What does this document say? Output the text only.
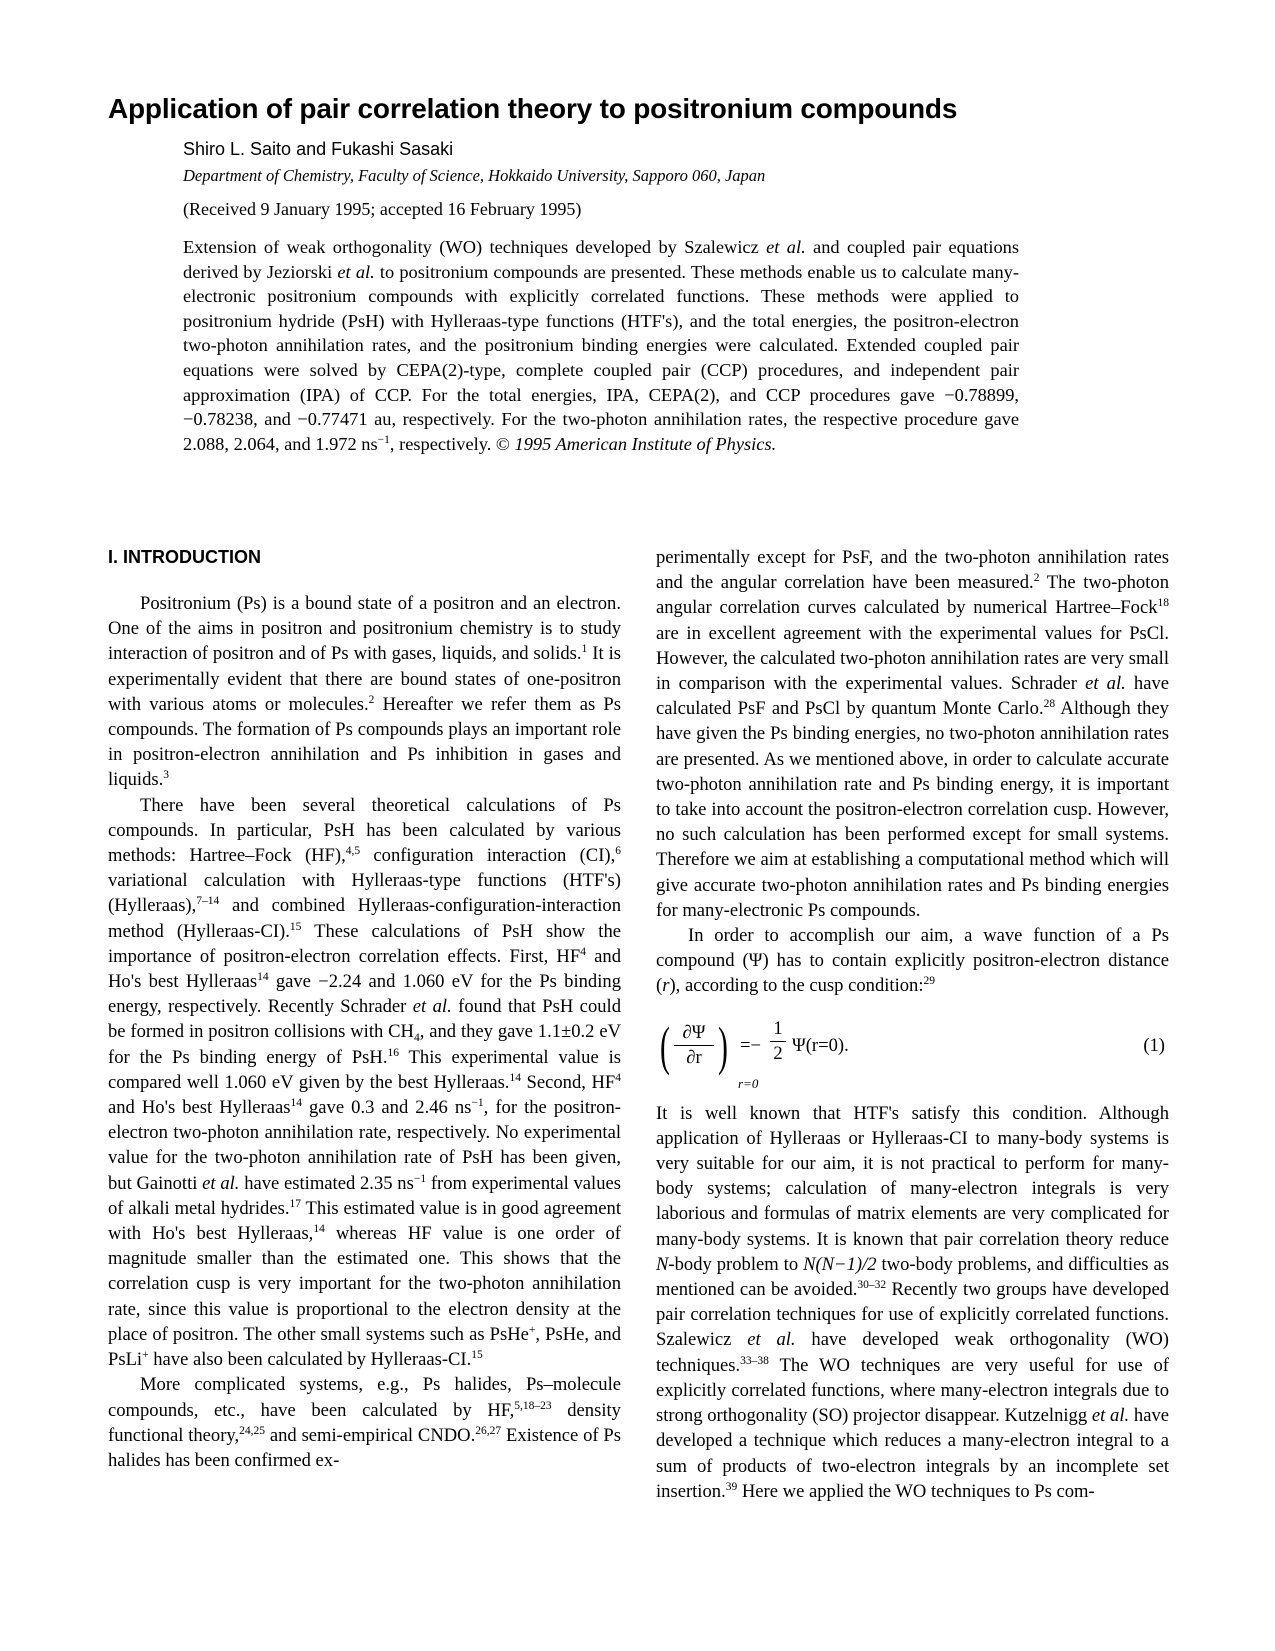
Application of pair correlation theory to positronium compounds

Shiro L. Saito and Fukashi Sasaki

Department of Chemistry, Faculty of Science, Hokkaido University, Sapporo 060, Japan

(Received 9 January 1995; accepted 16 February 1995)

Extension of weak orthogonality (WO) techniques developed by Szalewicz et al. and coupled pair equations derived by Jeziorski et al. to positronium compounds are presented. These methods enable us to calculate many-electronic positronium compounds with explicitly correlated functions. These methods were applied to positronium hydride (PsH) with Hylleraas-type functions (HTF's), and the total energies, the positron-electron two-photon annihilation rates, and the positronium binding energies were calculated. Extended coupled pair equations were solved by CEPA(2)-type, complete coupled pair (CCP) procedures, and independent pair approximation (IPA) of CCP. For the total energies, IPA, CEPA(2), and CCP procedures gave −0.78899, −0.78238, and −0.77471 au, respectively. For the two-photon annihilation rates, the respective procedure gave 2.088, 2.064, and 1.972 $ns^{-1}$, respectively. © 1995 American Institute of Physics.

I. INTRODUCTION

Positronium (Ps) is a bound state of a positron and an electron. One of the aims in positron and positronium chemistry is to study interaction of positron and of Ps with gases, liquids, and solids.$^1$ It is experimentally evident that there are bound states of one-positron with various atoms or molecules.$^2$ Hereafter we refer them as Ps compounds. The formation of Ps compounds plays an important role in positron-electron annihilation and Ps inhibition in gases and liquids.$^3$

There have been several theoretical calculations of Ps compounds. In particular, PsH has been calculated by various methods: Hartree–Fock (HF),$^{4,5}$ configuration interaction (CI),$^6$ variational calculation with Hylleraas-type functions (HTF's) (Hylleraas),$^{7-14}$ and combined Hylleraas-configuration-interaction method (Hylleraas-CI).$^{15}$ These calculations of PsH show the importance of positron-electron correlation effects. First, $HF^4$ and Ho's best Hylleraas$^{14}$ gave −2.24 and 1.060 eV for the Ps binding energy, respectively. Recently Schrader et al. found that PsH could be formed in positron collisions with $CH_4$, and they gave 1.1±0.2 eV for the Ps binding energy of PsH.$^{16}$ This experimental value is compared well 1.060 eV given by the best Hylleraas.$^{14}$ Second, $HF^4$ and Ho's best Hylleraas$^{14}$ gave 0.3 and 2.46 $ns^{-1}$, for the positron-electron two-photon annihilation rate, respectively. No experimental value for the two-photon annihilation rate of PsH has been given, but Gainotti et al. have estimated 2.35 $ns^{-1}$ from experimental values of alkali metal hydrides.$^{17}$ This estimated value is in good agreement with Ho's best Hylleraas,$^{14}$ whereas HF value is one order of magnitude smaller than the estimated one. This shows that the correlation cusp is very important for the two-photon annihilation rate, since this value is proportional to the electron density at the place of positron. The other small systems such as PsHe+, PsHe, and PsLi+ have also been calculated by Hylleraas-CI.$^{15}$

More complicated systems, e.g., Ps halides, Ps–molecule compounds, etc., have been calculated by HF,$^{5,18-23}$ density functional theory,$^{24,25}$ and semi-empirical CNDO.$^{26,27}$ Existence of Ps halides has been confirmed ex-

perimentally except for PsF, and the two-photon annihilation rates and the angular correlation have been measured.$^2$ The two-photon angular correlation curves calculated by numerical Hartree–Fock$^{18}$ are in excellent agreement with the experimental values for PsCl. However, the calculated two-photon annihilation rates are very small in comparison with the experimental values. Schrader et al. have calculated PsF and PsCl by quantum Monte Carlo.$^{28}$ Although they have given the Ps binding energies, no two-photon annihilation rates are presented. As we mentioned above, in order to calculate accurate two-photon annihilation rate and Ps binding energy, it is important to take into account the positron-electron correlation cusp. However, no such calculation has been performed except for small systems. Therefore we aim at establishing a computational method which will give accurate two-photon annihilation rates and Ps binding energies for many-electronic Ps compounds.

In order to accomplish our aim, a wave function of a Ps compound (Ψ) has to contain explicitly positron-electron distance (r), according to the cusp condition:$^{29}$

( ∂Ψ
∂r )
r=0
=−
1
2 Ψ(r=0).	(1)

It is well known that HTF's satisfy this condition. Although application of Hylleraas or Hylleraas-CI to many-body systems is very suitable for our aim, it is not practical to perform for many-body systems; calculation of many-electron integrals is very laborious and formulas of matrix elements are very complicated for many-body systems. It is known that pair correlation theory reduce N-body problem to N(N−1)/2 two-body problems, and difficulties as mentioned can be avoided.$^{30-32}$ Recently two groups have developed pair correlation techniques for use of explicitly correlated functions. Szalewicz et al. have developed weak orthogonality (WO) techniques.$^{33-38}$ The WO techniques are very useful for use of explicitly correlated functions, where many-electron integrals due to strong orthogonality (SO) projector disappear. Kutzelnigg et al. have developed a technique which reduces a many-electron integral to a sum of products of two-electron integrals by an incomplete set insertion.$^{39}$ Here we applied the WO techniques to Ps com-
